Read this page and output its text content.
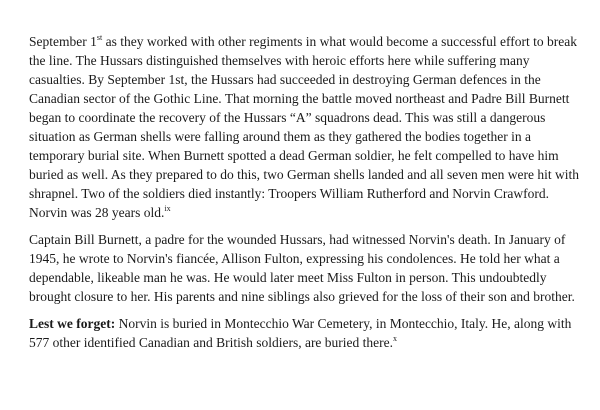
September 1st as they worked with other regiments in what would become a successful effort to break the line. The Hussars distinguished themselves with heroic efforts here while suffering many casualties. By September 1st, the Hussars had succeeded in destroying German defences in the Canadian sector of the Gothic Line. That morning the battle moved northeast and Padre Bill Burnett began to coordinate the recovery of the Hussars “A” squadrons dead. This was still a dangerous situation as German shells were falling around them as they gathered the bodies together in a temporary burial site. When Burnett spotted a dead German soldier, he felt compelled to have him buried as well. As they prepared to do this, two German shells landed and all seven men were hit with shrapnel. Two of the soldiers died instantly: Troopers William Rutherford and Norvin Crawford. Norvin was 28 years old.$^{ix}$

Captain Bill Burnett, a padre for the wounded Hussars, had witnessed Norvin's death. In January of 1945, he wrote to Norvin's fiancée, Allison Fulton, expressing his condolences. He told her what a dependable, likeable man he was. He would later meet Miss Fulton in person. This undoubtedly brought closure to her. His parents and nine siblings also grieved for the loss of their son and brother.

Lest we forget: Norvin is buried in Montecchio War Cemetery, in Montecchio, Italy. He, along with 577 other identified Canadian and British soldiers, are buried there.$^x$
